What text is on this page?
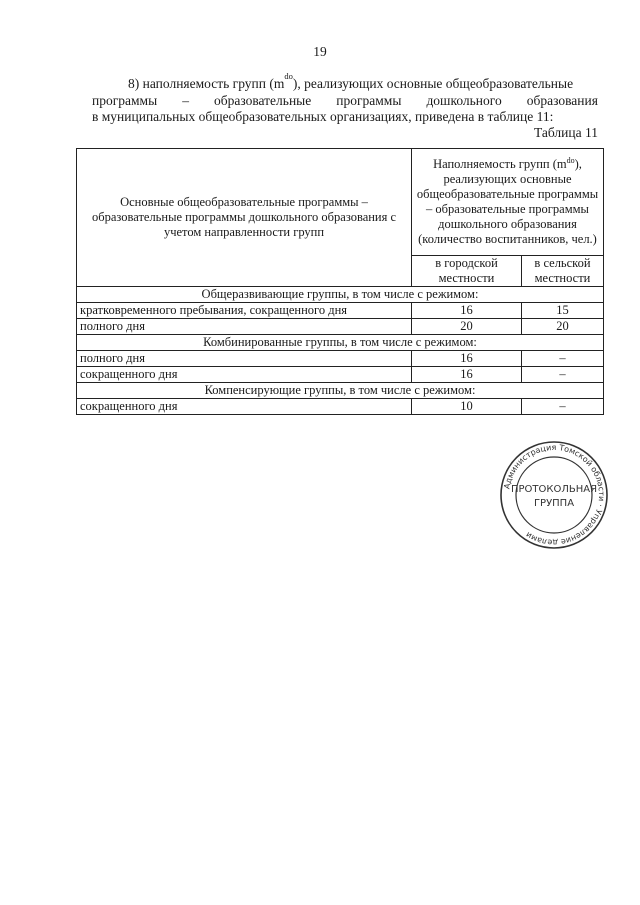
19
8) наполняемость групп (m do ), реализующих основные общеобразовательные
программы – образовательные программы дошкольного образования
в муниципальных общеобразовательных организациях, приведена в таблице 11:
Таблица 11
Основные общеобразовательные программы – образовательные программы дошкольного образования с учетом направленности групп	Наполняемость групп $(m^{do})$, реализующих основные общеобразовательные программы – образовательные программы дошкольного образования (количество воспитанников, чел.)	
	в городской местности	в сельской местности
Общеразвивающие группы, в том числе с режимом:		
кратковременного пребывания, сокращенного дня	16	15
полного дня	20	20
Комбинированные группы, в том числе с режимом:		
полного дня	16	–
сокращенного дня	16	–
Компенсирующие группы, в том числе с режимом:		
сокращенного дня	10	–
Администрация Томской области · Управление делами
ПРОТОКОЛЬНАЯ
ГРУППА
